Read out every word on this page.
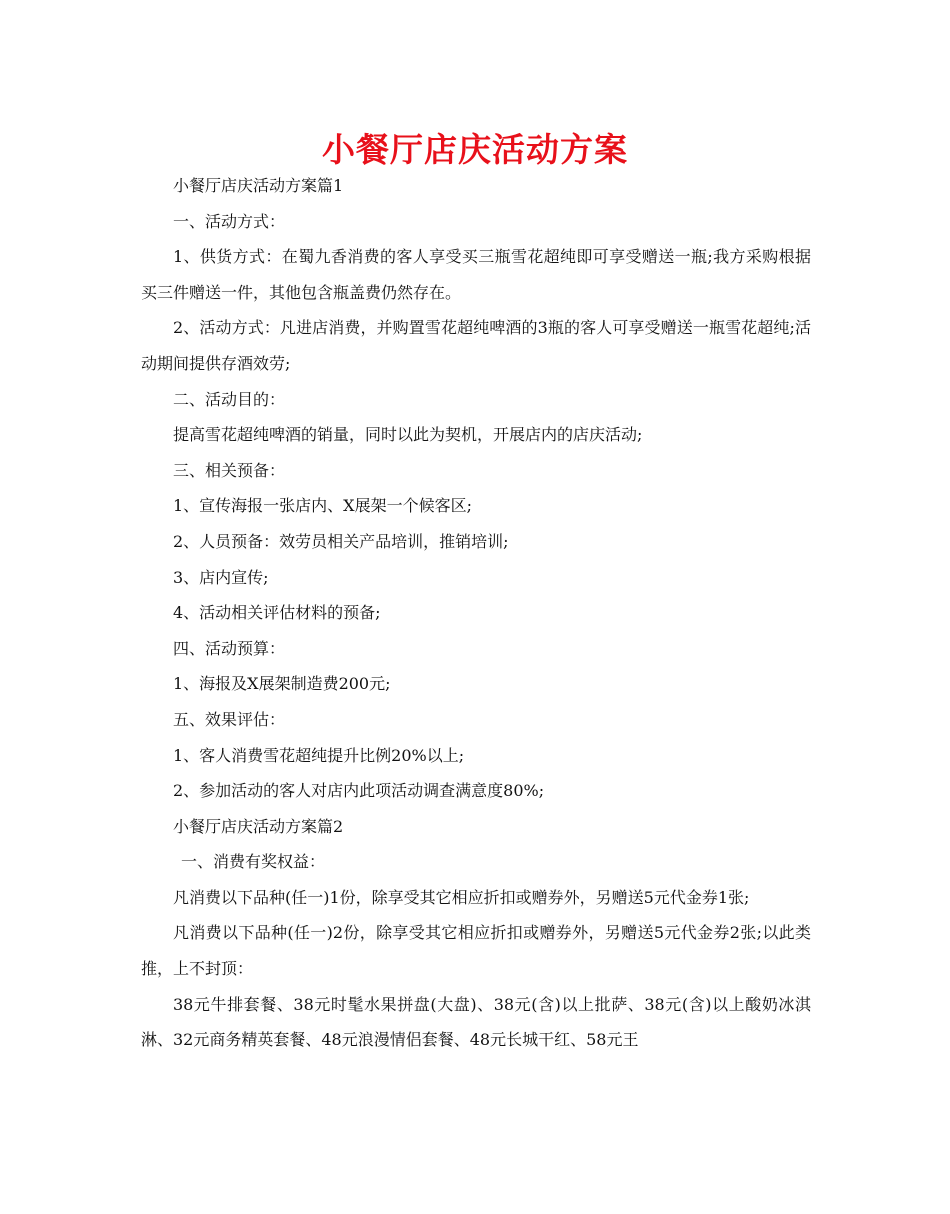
小餐厅店庆活动方案

小餐厅店庆活动方案篇1

一、活动方式：

1、供货方式：在蜀九香消费的客人享受买三瓶雪花超纯即可享受赠送一瓶;我方采购根据买三件赠送一件，其他包含瓶盖费仍然存在。

2、活动方式：凡进店消费，并购置雪花超纯啤酒的3瓶的客人可享受赠送一瓶雪花超纯;活动期间提供存酒效劳;

二、活动目的：

提高雪花超纯啤酒的销量，同时以此为契机，开展店内的店庆活动;

三、相关预备：

1、宣传海报一张店内、X展架一个候客区;

2、人员预备：效劳员相关产品培训，推销培训;

3、店内宣传;

4、活动相关评估材料的预备;

四、活动预算：

1、海报及X展架制造费200元;

五、效果评估：

1、客人消费雪花超纯提升比例20%以上;

2、参加活动的客人对店内此项活动调查满意度80%;

小餐厅店庆活动方案篇2

一、消费有奖权益：

凡消费以下品种(任一)1份，除享受其它相应折扣或赠券外，另赠送5元代金券1张;

凡消费以下品种(任一)2份，除享受其它相应折扣或赠券外，另赠送5元代金券2张;以此类推，上不封顶：

38元牛排套餐、38元时髦水果拼盘(大盘)、38元(含)以上批萨、38元(含)以上酸奶冰淇淋、32元商务精英套餐、48元浪漫情侣套餐、48元长城干红、58元王
